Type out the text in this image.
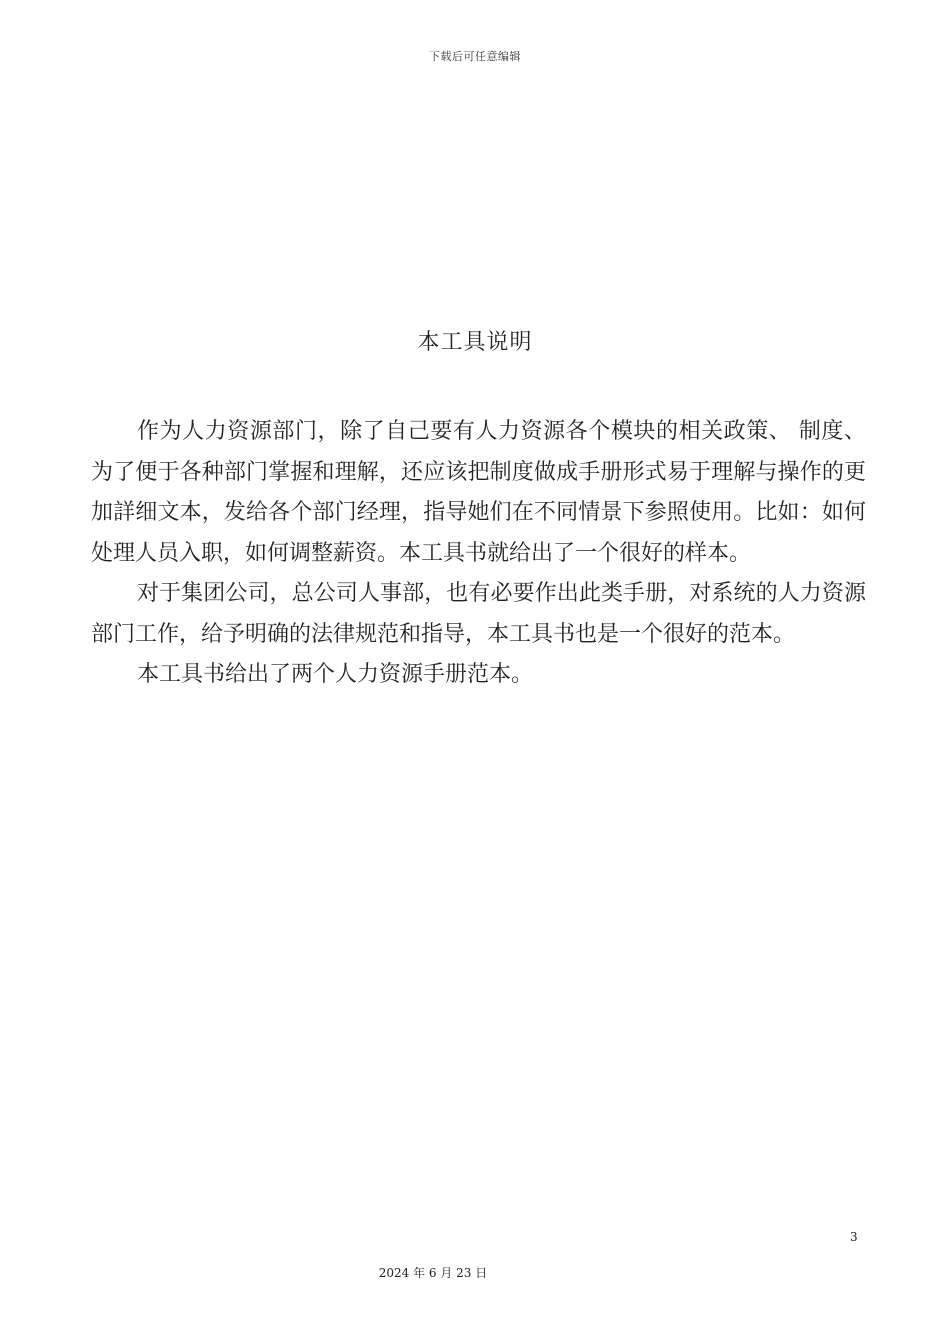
下载后可任意编辑
本工具说明

作为人力资源部门，除了自己要有人力资源各个模块的相关政策、 制度、 为了便于各种部门掌握和理解，还应该把制度做成手册形式易于理解与操作的更加詳细文本，发给各个部门经理，指导她们在不同情景下参照使用。比如：如何处理人员入职，如何调整薪资。本工具书就给出了一个很好的样本。

对于集团公司，总公司人事部，也有必要作出此类手册，对系统的人力资源部门工作，给予明确的法律规范和指导，本工具书也是一个很好的范本。

本工具书给出了两个人力资源手册范本。

3
2024 年 6 月 23 日
